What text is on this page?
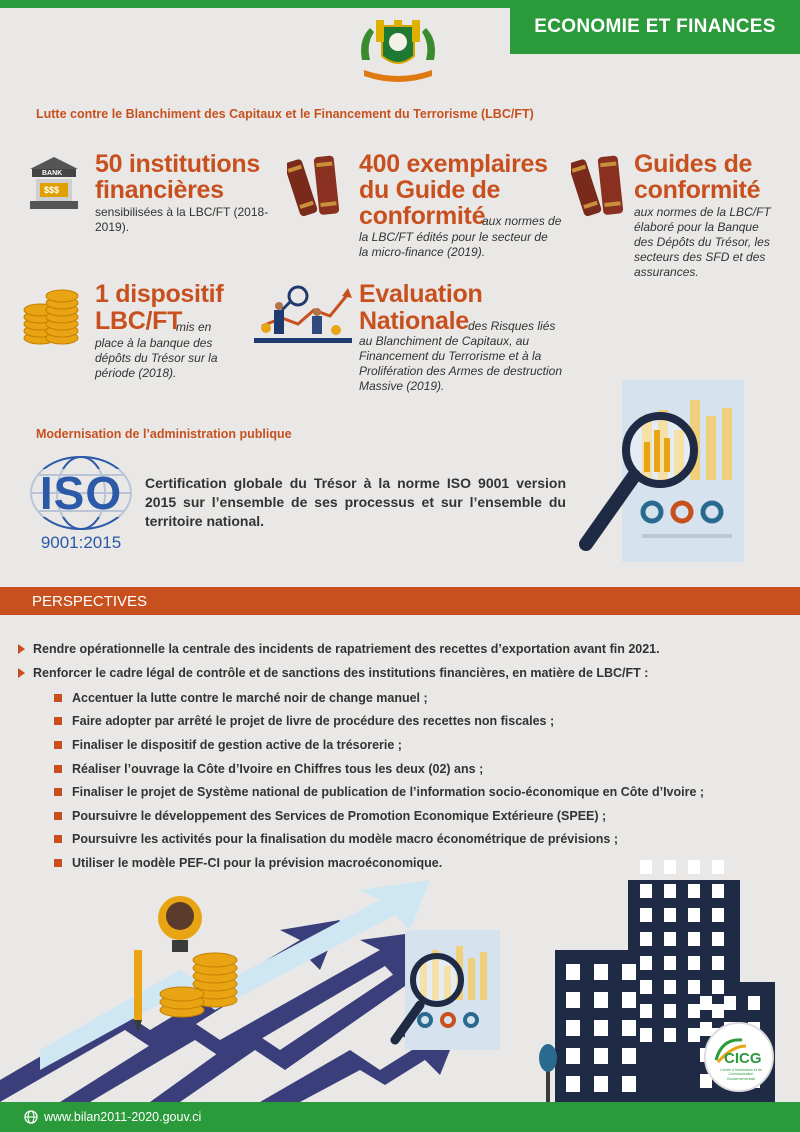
ECONOMIE ET FINANCES
Lutte contre le Blanchiment des Capitaux et le Financement du Terrorisme (LBC/FT)
BANK
$$$
50 institutions
financières
sensibilisées à la LBC/FT (2018-2019).
400 exemplaires
du Guide de
conformité
aux normes de
la LBC/FT édités pour le secteur de la micro-finance (2019).
Guides de
conformité
aux normes de la LBC/FT élaboré pour la Banque des Dépôts du Trésor, les secteurs des SFD et des assurances.
1 dispositif
LBC/FT
mis en
place à la banque des dépôts du Trésor sur la période (2018).
Evaluation
Nationale des Risques liés
au Blanchiment de Capitaux, au Financement du Terrorisme et à la Prolifération des Armes de destruction Massive (2019).
Modernisation de l’administration publique
ISO
9001:2015
Certification globale du Trésor à la norme ISO 9001 version 2015 sur l’ensemble de ses processus et sur l’ensemble du territoire national.
PERSPECTIVES
Rendre opérationnelle la centrale des incidents de rapatriement des recettes d’exportation avant fin 2021.
Renforcer le cadre légal de contrôle et de sanctions des institutions financières, en matière de LBC/FT :
Accentuer la lutte contre le marché noir de change manuel ;
Faire adopter par arrêté le projet de livre de procédure des recettes non fiscales ;
Finaliser le dispositif de gestion active de la trésorerie ;
Réaliser l’ouvrage la Côte d’Ivoire en Chiffres tous les deux (02) ans ;
Finaliser le projet de Système national de publication de l’information socio-économique en Côte d’Ivoire ;
Poursuivre le développement des Services de Promotion Economique Extérieure (SPEE) ;
Poursuivre les activités pour la finalisation du modèle macro économétrique de prévisions ;
Utiliser le modèle PEF-CI pour la prévision macroéconomique.
CICG
Centre d'Information et de Communication Gouvernementale
www.bilan2011-2020.gouv.ci
